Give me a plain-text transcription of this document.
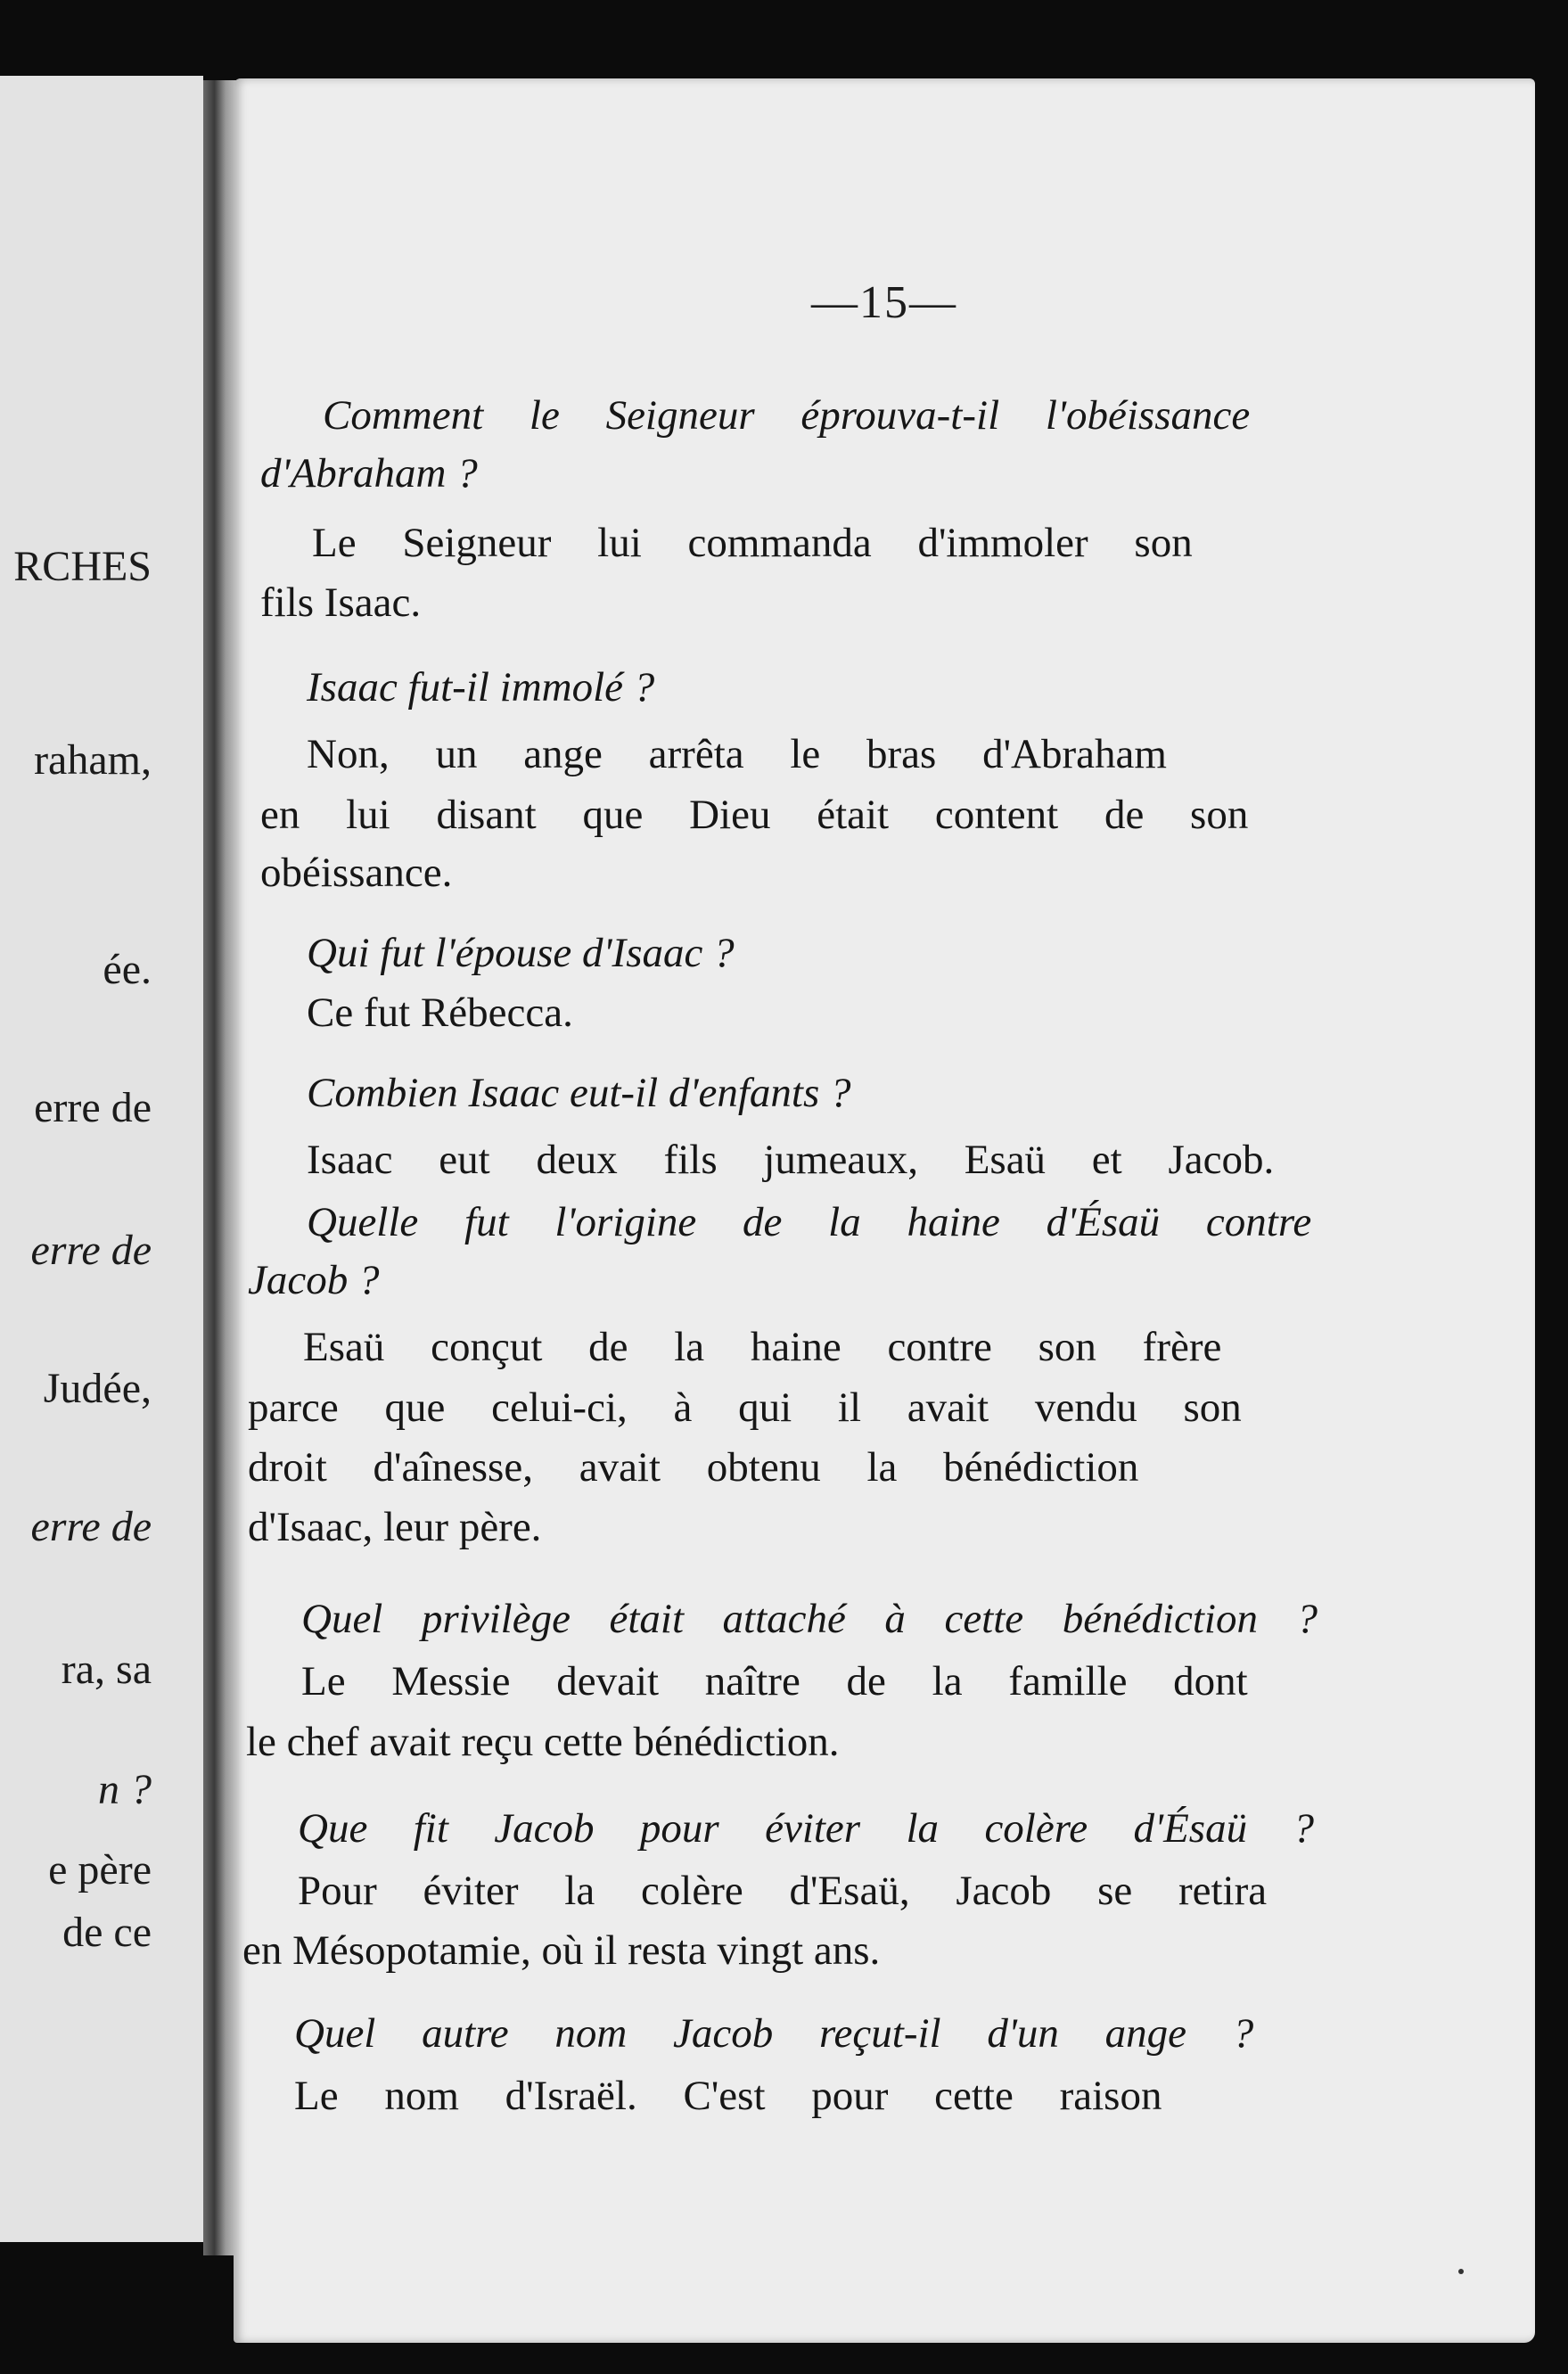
RCHES
raham,
ée.
erre de
erre de
Judée,
erre de
ra, sa
n ?
e père
de ce
—15—
Comment le Seigneur éprouva-t-il l'obéissance
d'Abraham ?
Le Seigneur lui commanda d'immoler son
fils Isaac.
Isaac fut-il immolé ?
Non, un ange arrêta le bras d'Abraham
en lui disant que Dieu était content de son
obéissance.
Qui fut l'épouse d'Isaac ?
Ce fut Rébecca.
Combien Isaac eut-il d'enfants ?
Isaac eut deux fils jumeaux, Esaü et Jacob.
Quelle fut l'origine de la haine d'Ésaü contre
Jacob ?
Esaü conçut de la haine contre son frère
parce que celui-ci, à qui il avait vendu son
droit d'aînesse, avait obtenu la bénédiction
d'Isaac, leur père.
Quel privilège était attaché à cette bénédiction ?
Le Messie devait naître de la famille dont
le chef avait reçu cette bénédiction.
Que fit Jacob pour éviter la colère d'Ésaü ?
Pour éviter la colère d'Esaü, Jacob se retira
en Mésopotamie, où il resta vingt ans.
Quel autre nom Jacob reçut-il d'un ange ?
Le nom d'Israël. C'est pour cette raison
